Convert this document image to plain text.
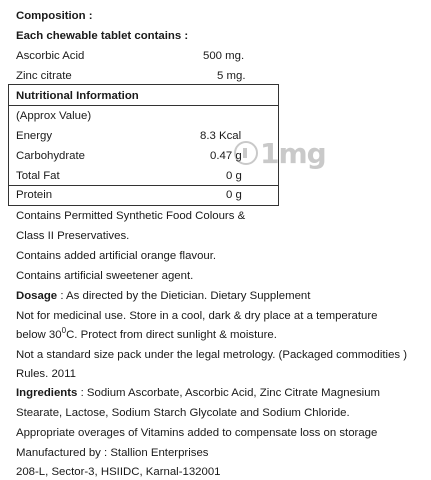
Composition :
Each chewable tablet contains :
Ascorbic Acid	500 mg.
Zinc citrate	5 mg.
Nutritional Information
(Approx Value)
1mg
Energy	8.3 Kcal
Carbohydrate	0.47 g
Total Fat	0 g
Protein	0 g
Contains Permitted Synthetic Food Colours &
Class II Preservatives.
Contains added artificial orange flavour.
Contains artificial sweetener agent.
Dosage : As directed by the Dietician. Dietary Supplement
Not for medicinal use. Store in a cool, dark & dry place at a temperature
below $30^0C$. Protect from direct sunlight & moisture.
Not a standard size pack under the legal metrology. (Packaged commodities )
Rules. 2011
Ingredients : Sodium Ascorbate, Ascorbic Acid, Zinc Citrate Magnesium
Stearate, Lactose, Sodium Starch Glycolate and Sodium Chloride.
Appropriate overages of Vitamins added to compensate loss on storage
Manufactured by : Stallion Enterprises
208-L, Sector-3, HSIIDC, Karnal-132001
